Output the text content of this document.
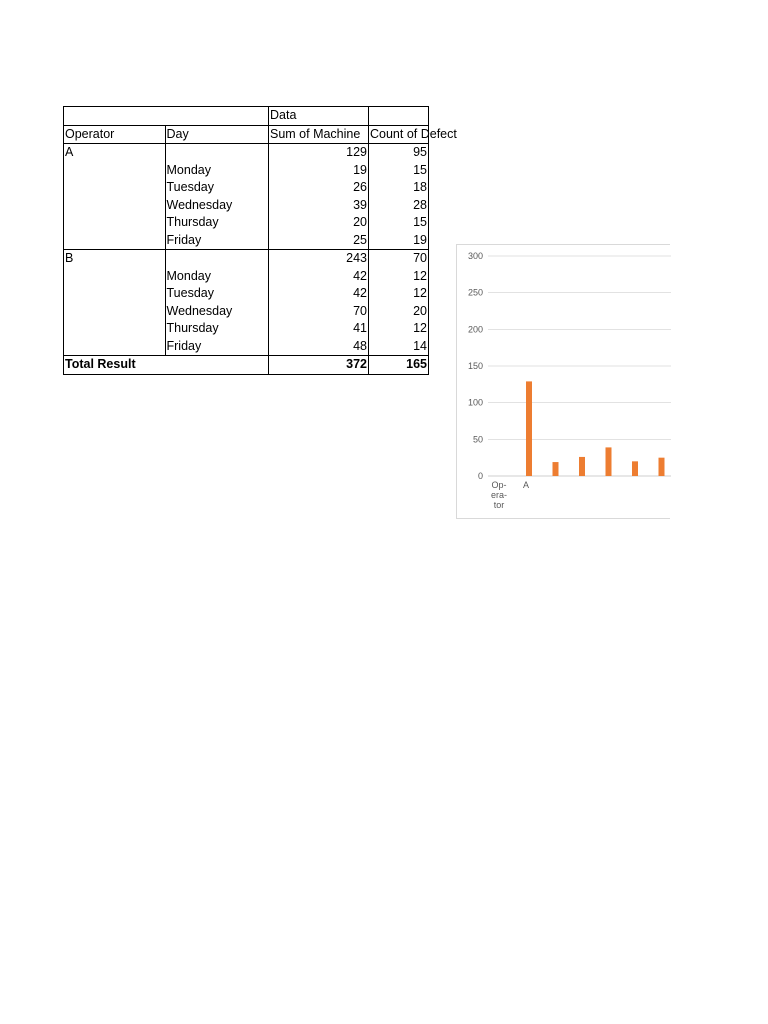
		Data	
Operator	Day	Sum of Machine	Count of Defect

A		129	95
	Monday	19	15
	Tuesday	26	18
	Wednesday	39	28
	Thursday	20	15
	Friday	25	19
B		243	70
	Monday	42	12
	Tuesday	42	12
	Wednesday	70	20
	Thursday	41	12
	Friday	48	14
Total Result		372	165
0
50
100
150
200
250
300
A
Op-
era-
tor
